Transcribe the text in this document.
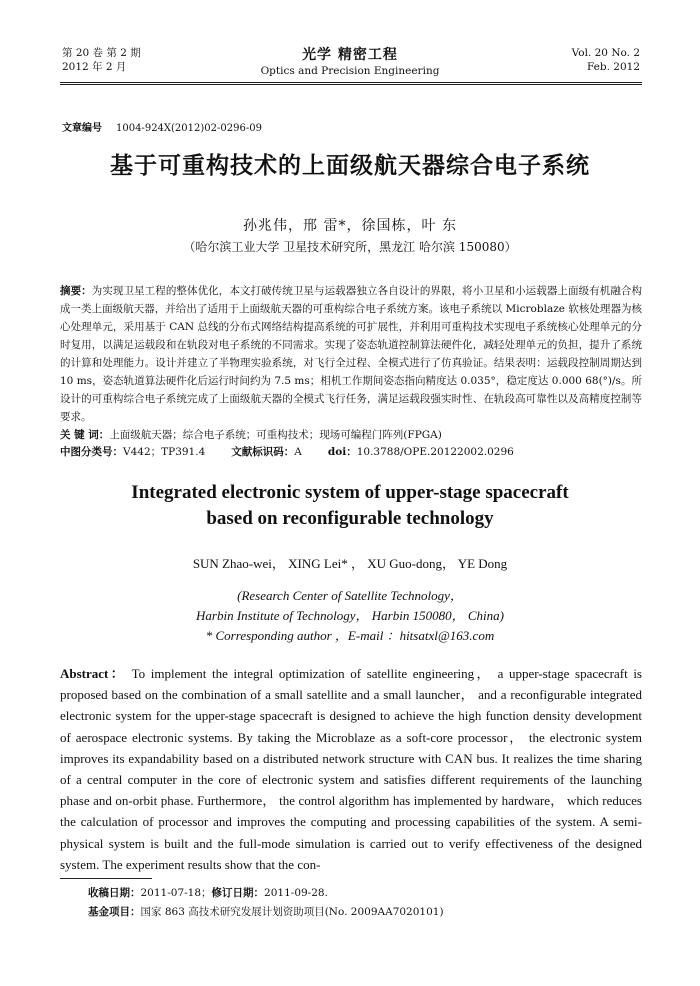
第 20 卷 第 2 期
2012 年 2 月
光学 精密工程
Optics and Precision Engineering
Vol. 20 No. 2
Feb. 2012
文章编号 1004-924X(2012)02-0296-09
基于可重构技术的上面级航天器综合电子系统
孙兆伟，邢 雷*，徐国栋，叶 东
（哈尔滨工业大学 卫星技术研究所，黑龙江 哈尔滨 150080）
摘要：为实现卫星工程的整体优化，本文打破传统卫星与运载器独立各自设计的界限，将小卫星和小运载器上面级有机融合构成一类上面级航天器，并给出了适用于上面级航天器的可重构综合电子系统方案。该电子系统以 Microblaze 软核处理器为核心处理单元，采用基于 CAN 总线的分布式网络结构提高系统的可扩展性，并利用可重构技术实现电子系统核心处理单元的分时复用，以满足运载段和在轨段对电子系统的不同需求。实现了姿态轨道控制算法硬件化，减轻处理单元的负担，提升了系统的计算和处理能力。设计并建立了半物理实验系统，对飞行全过程、全模式进行了仿真验证。结果表明：运载段控制周期达到 10 ms，姿态轨道算法硬件化后运行时间约为 7.5 ms；相机工作期间姿态指向精度达 0.035°，稳定度达 0.000 68(°)/s。所设计的可重构综合电子系统完成了上面级航天器的全模式飞行任务，满足运载段强实时性、在轨段高可靠性以及高精度控制等要求。
关 键 词：上面级航天器；综合电子系统；可重构技术；现场可编程门阵列(FPGA)
中图分类号：V442；TP391.4 文献标识码：A doi：10.3788/OPE.20122002.0296
Integrated electronic system of upper-stage spacecraft
based on reconfigurable technology
SUN Zhao-wei， XING Lei* ， XU Guo-dong， YE Dong
(Research Center of Satellite Technology，
Harbin Institute of Technology， Harbin 150080， China)
* Corresponding author ，E-mail ：hitsatxl@163.com
Abstract： To implement the integral optimization of satellite engineering， a upper-stage spacecraft is proposed based on the combination of a small satellite and a small launcher， and a reconfigurable integrated electronic system for the upper-stage spacecraft is designed to achieve the high function density development of aerospace electronic systems. By taking the Microblaze as a soft-core processor， the electronic system improves its expandability based on a distributed network structure with CAN bus. It realizes the time sharing of a central computer in the core of electronic system and satisfies different requirements of the launching phase and on-orbit phase. Furthermore， the control algorithm has implemented by hardware， which reduces the calculation of processor and improves the computing and processing capabilities of the system. A semi-physical system is built and the full-mode simulation is carried out to verify effectiveness of the designed system. The experiment results show that the con-
收稿日期：2011-07-18；修订日期：2011-09-28.
基金项目：国家 863 高技术研究发展计划资助项目(No. 2009AA7020101)
